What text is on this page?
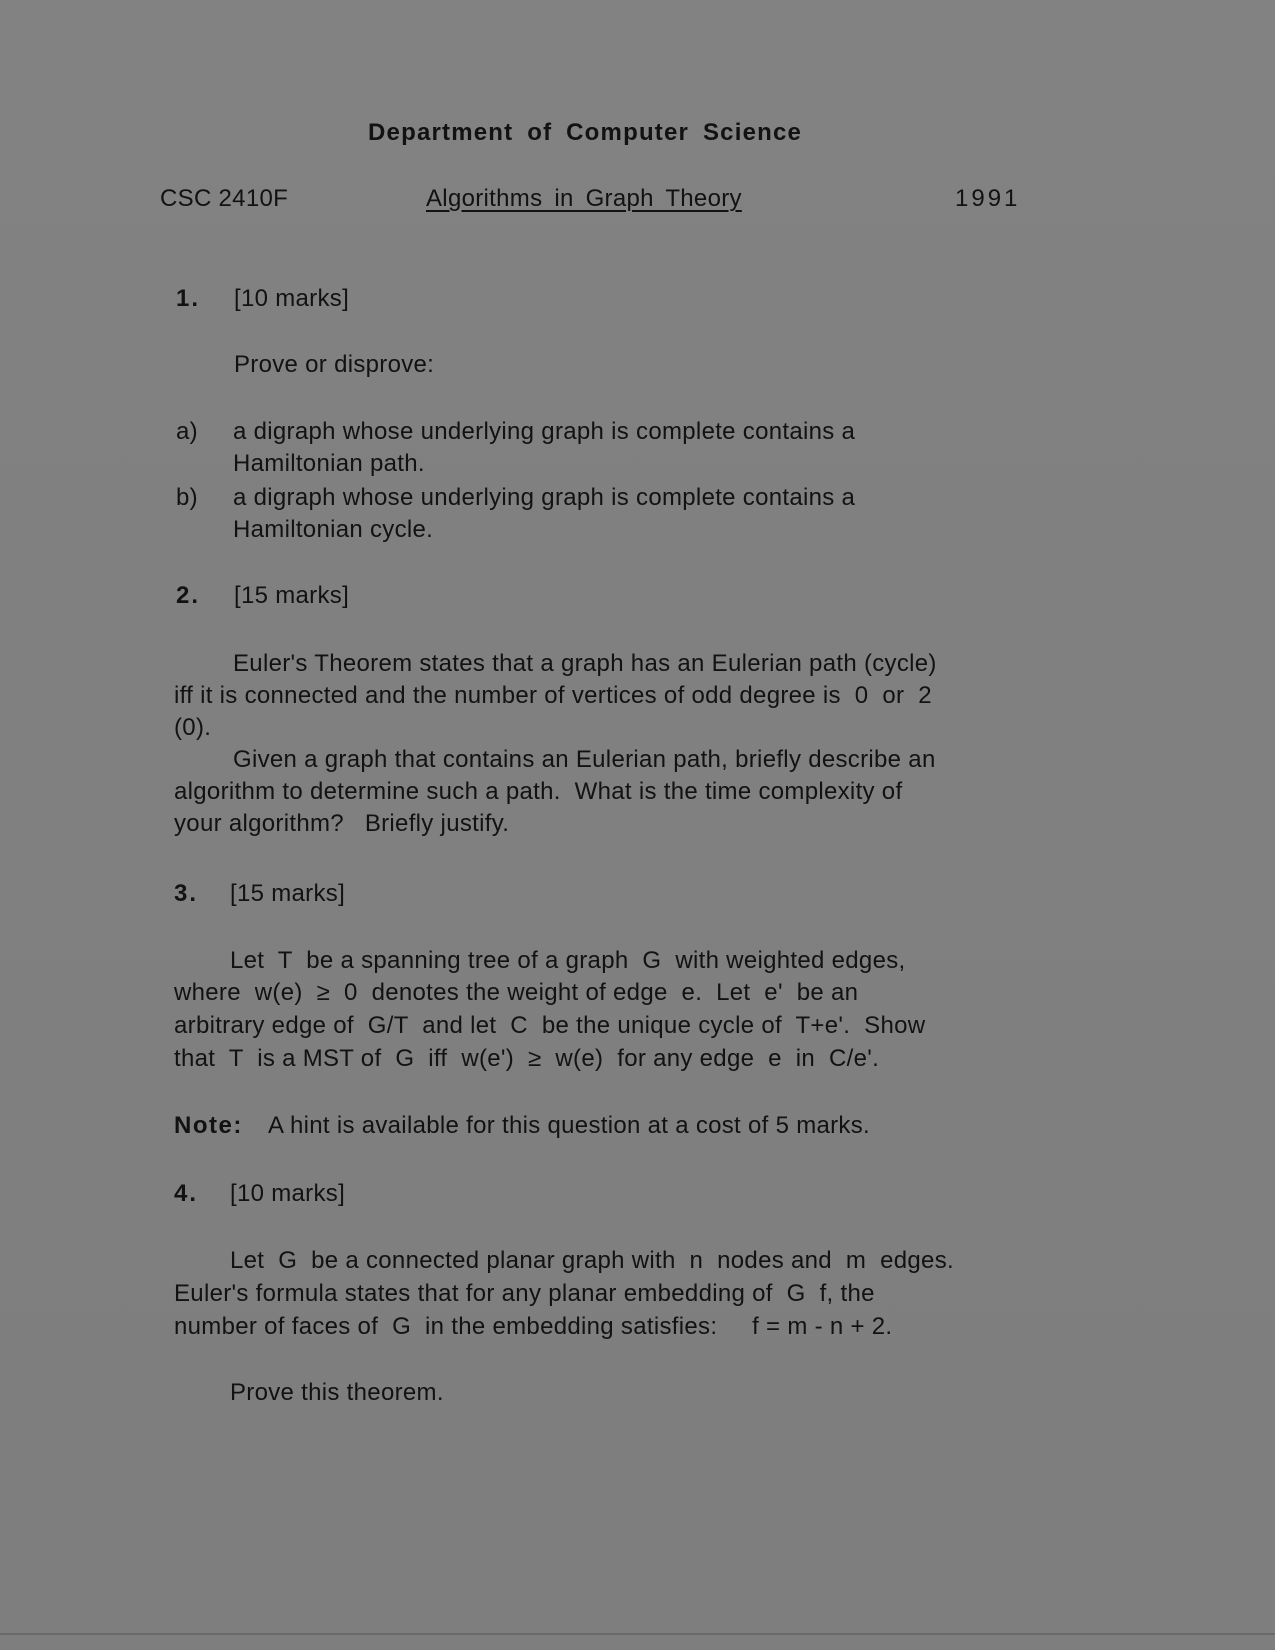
Department of Computer Science
CSC 2410F	Algorithms in Graph Theory	1991
1. [10 marks]
Prove or disprove:
a) a digraph whose underlying graph is complete contains a
Hamiltonian path.
b) a digraph whose underlying graph is complete contains a
Hamiltonian cycle.
2. [15 marks]
Euler's Theorem states that a graph has an Eulerian path (cycle)
iff it is connected and the number of vertices of odd degree is  0  or  2
(0).
Given a graph that contains an Eulerian path, briefly describe an
algorithm to determine such a path.  What is the time complexity of
your algorithm?   Briefly justify.
3. [15 marks]
Let  T  be a spanning tree of a graph  G  with weighted edges,
where  w(e)  ≥  0  denotes the weight of edge  e.  Let  e'  be an
arbitrary edge of  G/T  and let  C  be the unique cycle of  T+e'.  Show
that  T  is a MST of  G  iff  w(e')  ≥  w(e)  for any edge  e  in  C/e'.
Note: A hint is available for this question at a cost of 5 marks.
4. [10 marks]
Let  G  be a connected planar graph with  n  nodes and  m  edges.
Euler's formula states that for any planar embedding of  G  f, the
number of faces of  G  in the embedding satisfies:     f = m - n + 2.
Prove this theorem.
